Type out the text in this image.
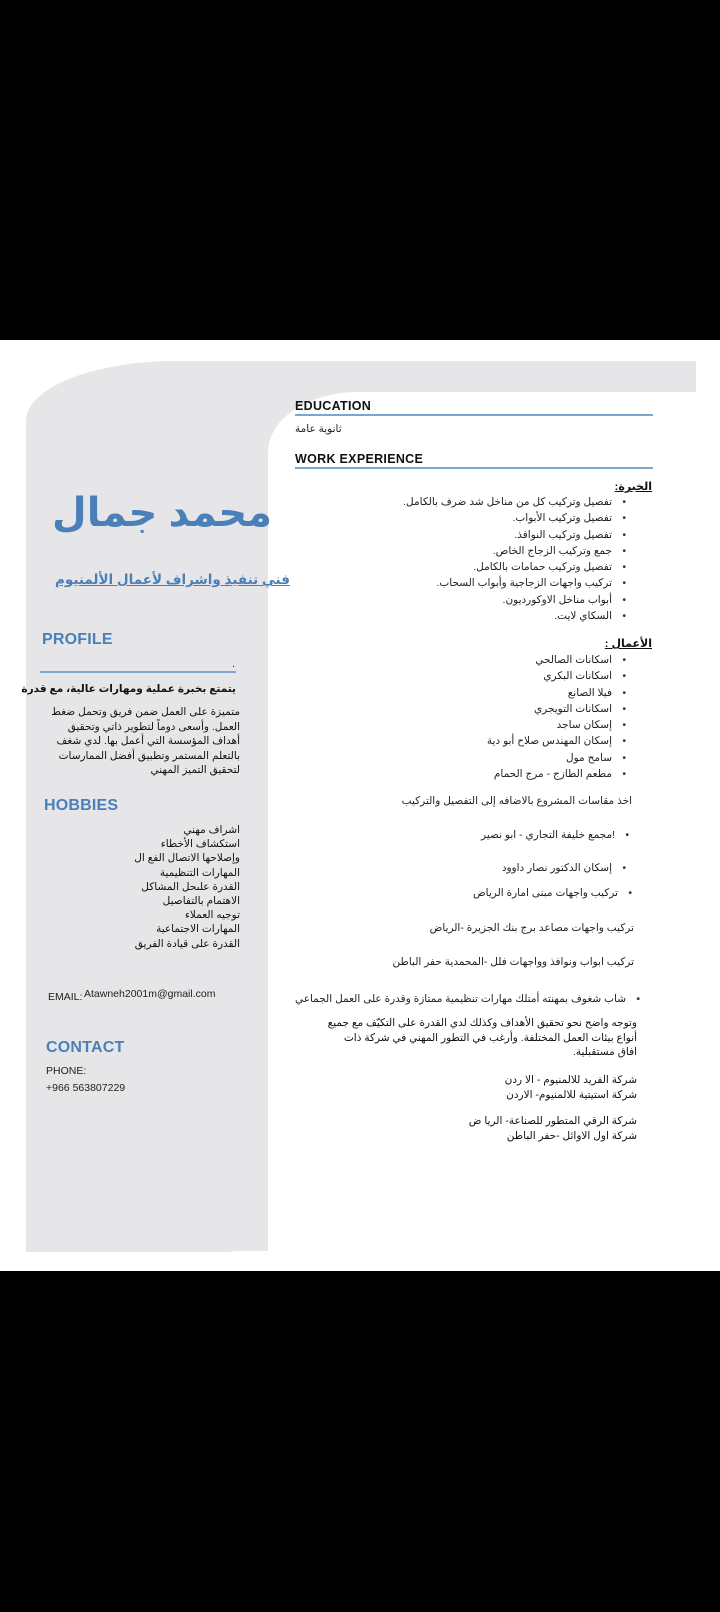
محمد جمال
فني تنفيذ واشراف لأعمال الألمنيوم
PROFILE
.
يتمتع بخبرة عملية ومهارات عالية، مع قدرة
متميزة على العمل ضمن فريق وتحمل ضغط العمل. وأسعى دوماً لتطوير ذاتي وتحقيق أهداف المؤسسة التي أعمل بها. لدي شغف بالتعلم المستمر وتطبيق أفضل الممارسات لتحقيق التميز المهني
HOBBIES
اشراف مهني
استكشاف الأخطاء
وإصلاحها الاتصال الفع ال
المهارات التنظيمية
القدرة علىحل المشاكل
الاهتمام بالتفاصيل
توجيه العملاء
المهارات الاجتماعية
القدرة على قيادة الفريق
EMAIL: Atawneh2001m@gmail.com
CONTACT
PHONE:
+966 563807229
EDUCATION
ثانوية عامة
WORK EXPERIENCE
الخبرة:
• تفصيل وتركيب كل من مناخل شد ضرف بالكامل.
• تفصيل وتركيب الأبواب.
• تفصيل وتركيب النوافذ.
• جمع وتركيب الزجاج الخاص.
• تفصيل وتركيب حمامات بالكامل.
• تركيب واجهات الزجاجية وأبواب السحاب.
• أبواب مناخل الاوكورديون.
• السكاي لايت.
الأعمال :
• اسكانات الصالحي
• اسكانات البكري
• فيلا الصانع
• اسكانات التويجري
• إسكان ساجد
• إسكان المهندس صلاح أبو دية
• سامح مول
• مطعم الطازج - مرج الحمام
اخذ مقاسات المشروع بالاضافه إلى التفصيل والتركيب
• !مجمع خليفة التجاري - ابو نصير
• إسكان الدكتور نصار داوود
• تركيب واجهات مبنى امارة الرياض
تركيب واجهات مصاعد برج بنك الجزيرة -الرياض
تركيب ابواب ونوافذ وواجهات فلل -المحمدية حفر الباطن
• شاب شغوف بمهنته أمتلك مهارات تنظيمية ممتازة وقدرة على العمل الجماعي
وتوجه واضح نحو تحقيق الأهداف وكذلك لدي القدرة على التكيّف مع جميع أنواع بيئات العمل المختلفة. وأرغب في التطور المهني في شركة ذات افاق مستقبلية.
شركة الفريد للالمنيوم - الا ردن
شركة استيتية للالمنيوم- الاردن
شركة الرقي المتطور للصناعة- الريا ض
شركة اول الاوائل -حفر الباطن
